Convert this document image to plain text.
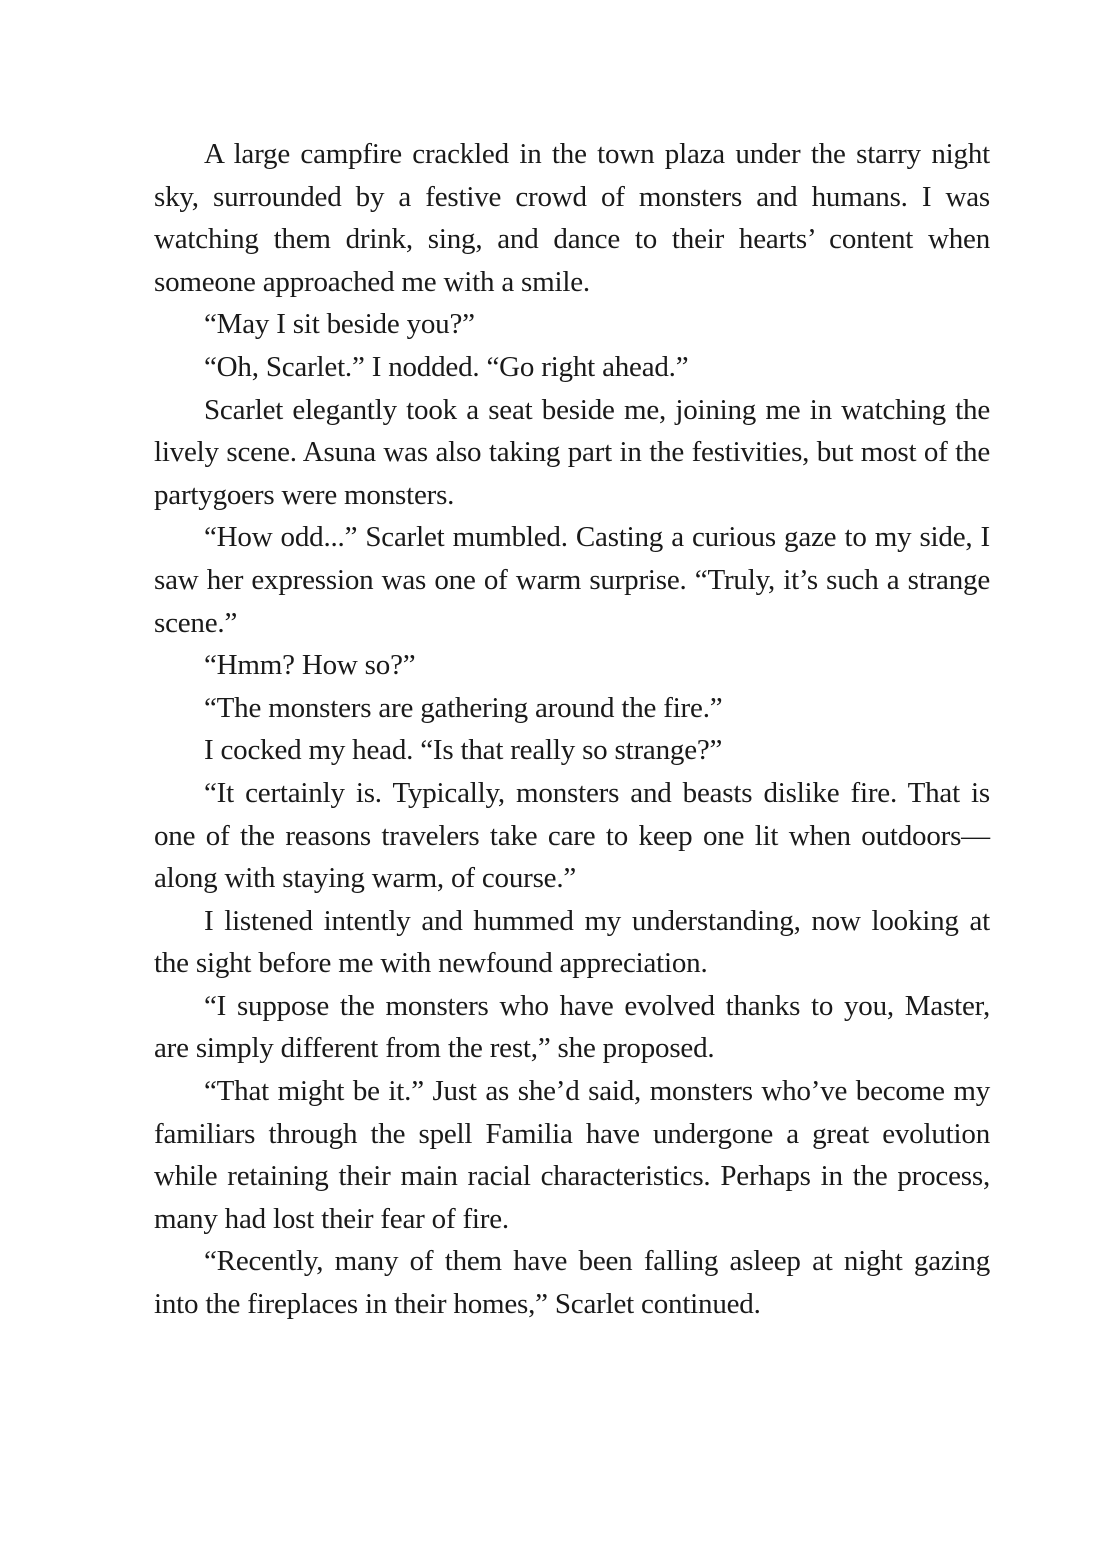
A large campfire crackled in the town plaza under the starry night sky, surrounded by a festive crowd of monsters and humans. I was watching them drink, sing, and dance to their hearts’ content when someone approached me with a smile.

“May I sit beside you?”

“Oh, Scarlet.” I nodded. “Go right ahead.”

Scarlet elegantly took a seat beside me, joining me in watching the lively scene. Asuna was also taking part in the festivities, but most of the partygoers were monsters.

“How odd...” Scarlet mumbled. Casting a curious gaze to my side, I saw her expression was one of warm surprise. “Truly, it’s such a strange scene.”

“Hmm? How so?”

“The monsters are gathering around the fire.”

I cocked my head. “Is that really so strange?”

“It certainly is. Typically, monsters and beasts dislike fire. That is one of the reasons travelers take care to keep one lit when outdoors—along with staying warm, of course.”

I listened intently and hummed my understanding, now looking at the sight before me with newfound appreciation.

“I suppose the monsters who have evolved thanks to you, Master, are simply different from the rest,” she proposed.

“That might be it.” Just as she’d said, monsters who’ve become my familiars through the spell Familia have undergone a great evolution while retaining their main racial characteristics. Perhaps in the process, many had lost their fear of fire.

“Recently, many of them have been falling asleep at night gazing into the fireplaces in their homes,” Scarlet continued.
